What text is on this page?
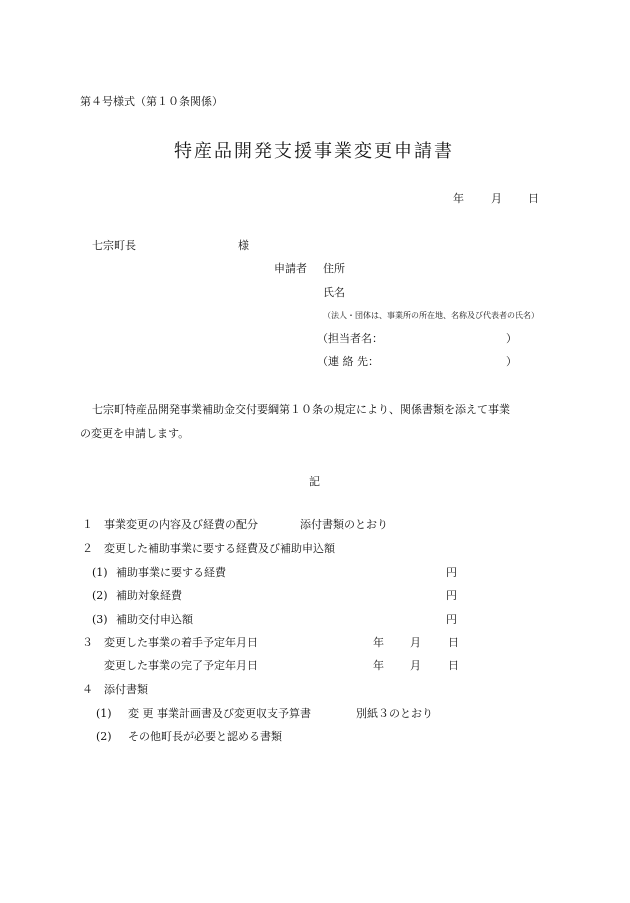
第４号様式（第１０条関係）
特産品開発支援事業変更申請書
年 月 日
七宗町長	様
申請者 住所
氏名
（法人・団体は、事業所の所在地、名称及び代表者の氏名）
（担当者名：	）
（連 絡 先：	）
七宗町特産品開発事業補助金交付要綱第１０条の規定により、関係書類を添えて事業
の変更を申請します。
記
１ 事業変更の内容及び経費の配分	添付書類のとおり
２ 変更した補助事業に要する経費及び補助申込額
(1) 補助事業に要する経費	円
(2) 補助対象経費	円
(3) 補助交付申込額	円
３ 変更した事業の着手予定年月日	年 月 日
変更した事業の完了予定年月日	年 月 日
４ 添付書類
(1) 変 更 事業計画書及び変更収支予算書	別紙３のとおり
(2) その他町長が必要と認める書類
